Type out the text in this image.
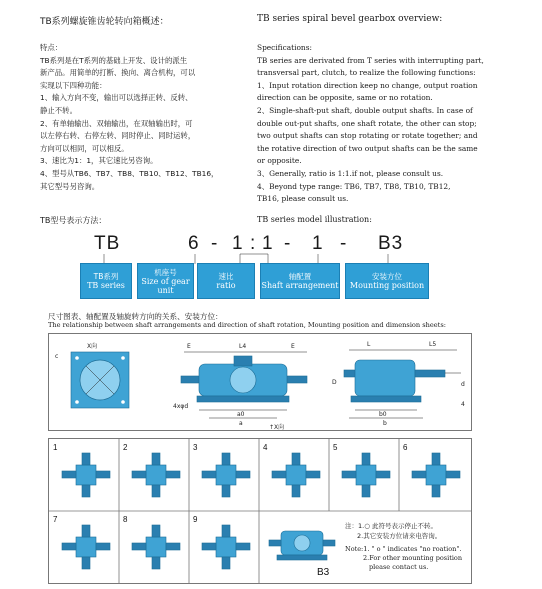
TB系列螺旋锥齿轮转向箱概述：
特点：
TB系列是在T系列的基础上开发、设计的派生
新产品。用简单的打断、换向、离合机构，可以
实现以下四种功能：
1、输入方向不变，输出可以选择正转、反转、
静止不转。
2、有单轴输出、双轴输出，在双轴输出时，可
以左停右转、右停左转、同时停止、同时运转，
方向可以相同，可以相反。
3、速比为1：1，其它速比另咨询。
4、型号从TB6、TB7、TB8、TB10、TB12、TB16，
其它型号另咨询。
TB series spiral bevel gearbox overview:
Specifications:
TB series are derivated from T series with interrupting part,
transversal part, clutch, to realize the following functions:
1、Input rotation direction keep no change, output roation
direction can be opposite, same or no rotation.
2、Single-shaft-put shaft, double output shafts. In case of
double out-put shafts, one shaft rotate, the other can stop;
two output shafts can stop rotating or rotate together; and
the rotative direction of two output shafts can be the same
or opposite.
3、Generally, ratio is 1:1.if not, please consult us.
4、Beyond type range: TB6, TB7, TB8, TB10, TB12,
TB16, please consult us.
TB型号表示方法：	TB series model illustration:
TB	6 - 1 : 1 - 1 - B3
TB系列
TB series
机座号
Size of gear unit
速比
ratio
轴配置
Shaft arrangement
安装方位
Mounting position
尺寸图表、轴配置及轴旋转方向的关系、安装方位：
The relationship between shaft arrangements and direction of shaft rotation, Mounting position and dimension sheets:
X向
c
E	L4	E
4xφd
a0
a
↑X向
L	L5
D
b0
b
d
4
1	2	3	4	5	6
7	8	9
B3
注：1.○ 此符号表示停止不转。
2.其它安装方位请来电咨询。
Note:1. " o " indicates "no roation".
2.For other mounting position
please contact us.
